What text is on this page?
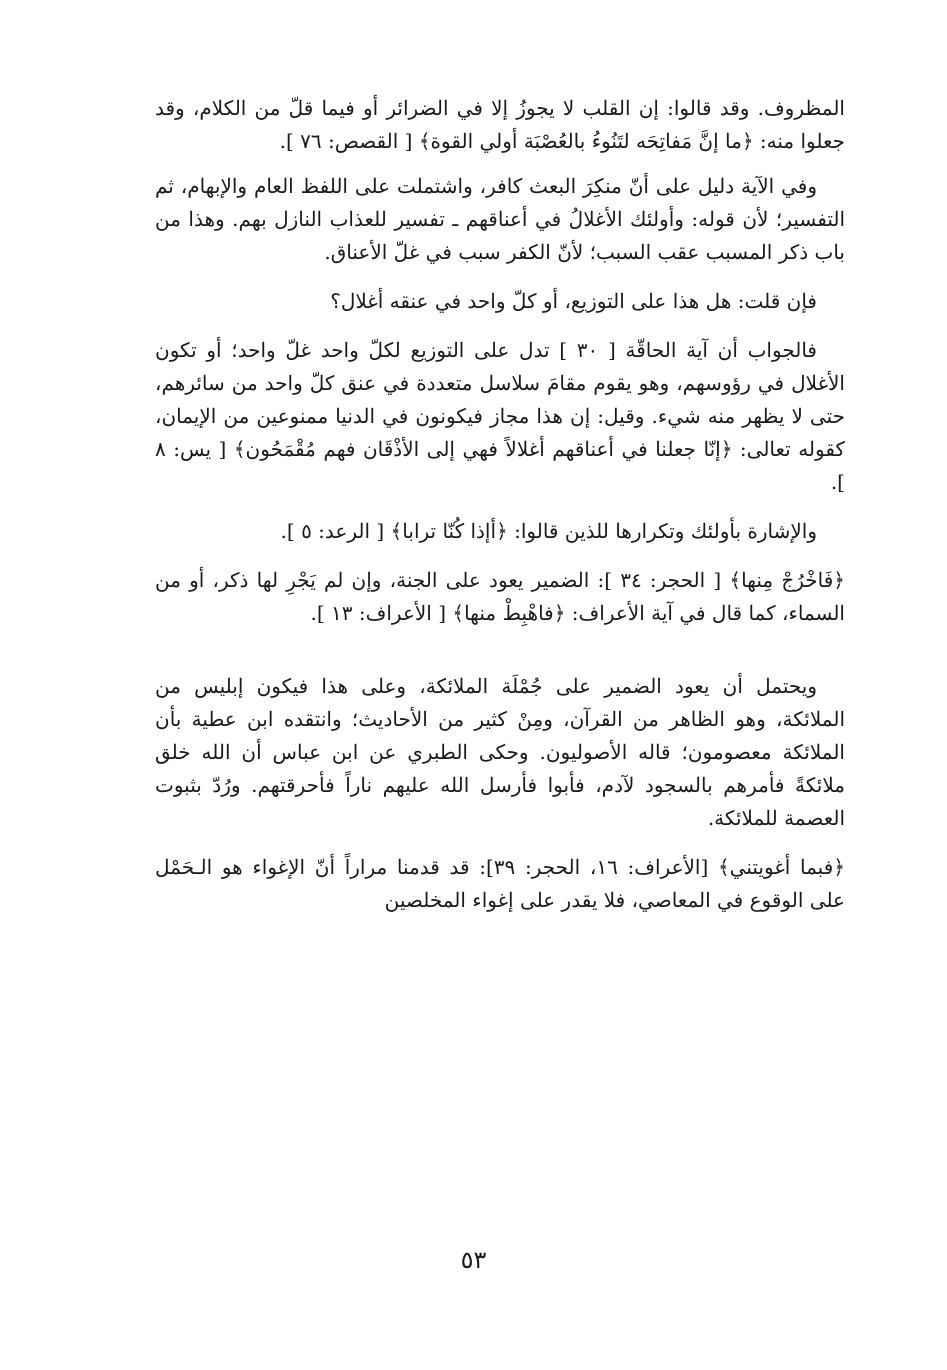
المظروف. وقد قالوا: إن القلب لا يجوزُ إلا في الضرائر أو فيما قلّ من الكلام، وقد جعلوا منه: ﴿ما إنَّ مَفاتِحَه لتَنُوءُ بالعُصْبَة أولي القوة﴾ [ القصص: ٧٦ ].

وفي الآية دليل على أنّ منكِرَ البعث كافر، واشتملت على اللفظ العام والإبهام، ثم التفسير؛ لأن قوله: وأولئك الأغلالُ في أعناقهم ـ تفسير للعذاب النازل بهم. وهذا من باب ذكر المسبب عقب السبب؛ لأنّ الكفر سبب في غلّ الأعناق.

فإن قلت: هل هذا على التوزيع، أو كلّ واحد في عنقه أغلال؟

فالجواب أن آية الحاقّة [ ٣٠ ] تدل على التوزيع لكلّ واحد غلّ واحد؛ أو تكون الأغلال في رؤوسهم، وهو يقوم مقامَ سلاسل متعددة في عنق كلّ واحد من سائرهم، حتى لا يظهر منه شيء. وقيل: إن هذا مجاز فيكونون في الدنيا ممنوعين من الإيمان، كقوله تعالى: ﴿إنّا جعلنا في أعناقهم أغلالاً فهي إلى الأذْقَان فهم مُقْمَحُون﴾ [ يس: ٨ ].

والإشارة بأولئك وتكرارها للذين قالوا: ﴿أإذا كُنّا ترابا﴾ [ الرعد: ٥ ].

﴿فَاخْرُجْ مِنها﴾ [ الحجر: ٣٤ ]: الضمير يعود على الجنة، وإن لم يَجْرِ لها ذكر، أو من السماء، كما قال في آية الأعراف: ﴿فاهْبِطْ منها﴾ [ الأعراف: ١٣ ].

ويحتمل أن يعود الضمير على جُمْلَة الملائكة، وعلى هذا فيكون إبليس من الملائكة، وهو الظاهر من القرآن، ومِنْ كثير من الأحاديث؛ وانتقده ابن عطية بأن الملائكة معصومون؛ قاله الأصوليون. وحكى الطبري عن ابن عباس أن الله خلق ملائكةً فأمرهم بالسجود لآدم، فأبوا فأرسل الله عليهم ناراً فأحرقتهم. ورُدّ بثبوت العصمة للملائكة.

﴿فبما أغويتني﴾ [الأعراف: ١٦، الحجر: ٣٩]: قد قدمنا مراراً أنّ الإغواء هو الـحَمْل على الوقوع في المعاصي، فلا يقدر على إغواء المخلصين

٥٣
